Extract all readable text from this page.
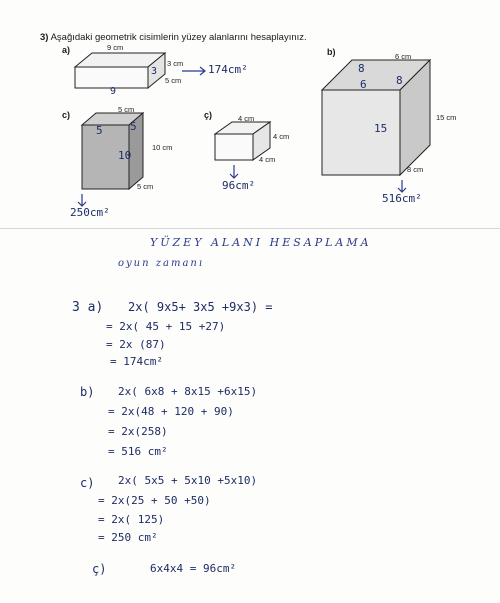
3) Aşağıdaki geometrik cisimlerin yüzey alanlarını hesaplayınız.
a)	b)
c)	ç)
9 cm
3 cm
5 cm
9
3	174cm²
6 cm
15 cm
8 cm
8
6	8
15
516cm²
5 cm
10 cm
5 cm
5 5
10
250cm²
4 cm
4 cm
4 cm
96cm²
YÜZEY ALANI HESAPLAMA
oyun zamanı
3 a) 2x( 9x5+ 3x5 +9x3) =
= 2x( 45 + 15 +27)
= 2x (87)
= 174cm²
b) 2x( 6x8 + 8x15 +6x15)
= 2x(48 + 120 + 90)
= 2x(258)
= 516 cm²
c) 2x( 5x5 + 5x10 +5x10)
= 2x(25 + 50 +50)
= 2x( 125)
= 250 cm²
ç)	6x4x4 = 96cm²
